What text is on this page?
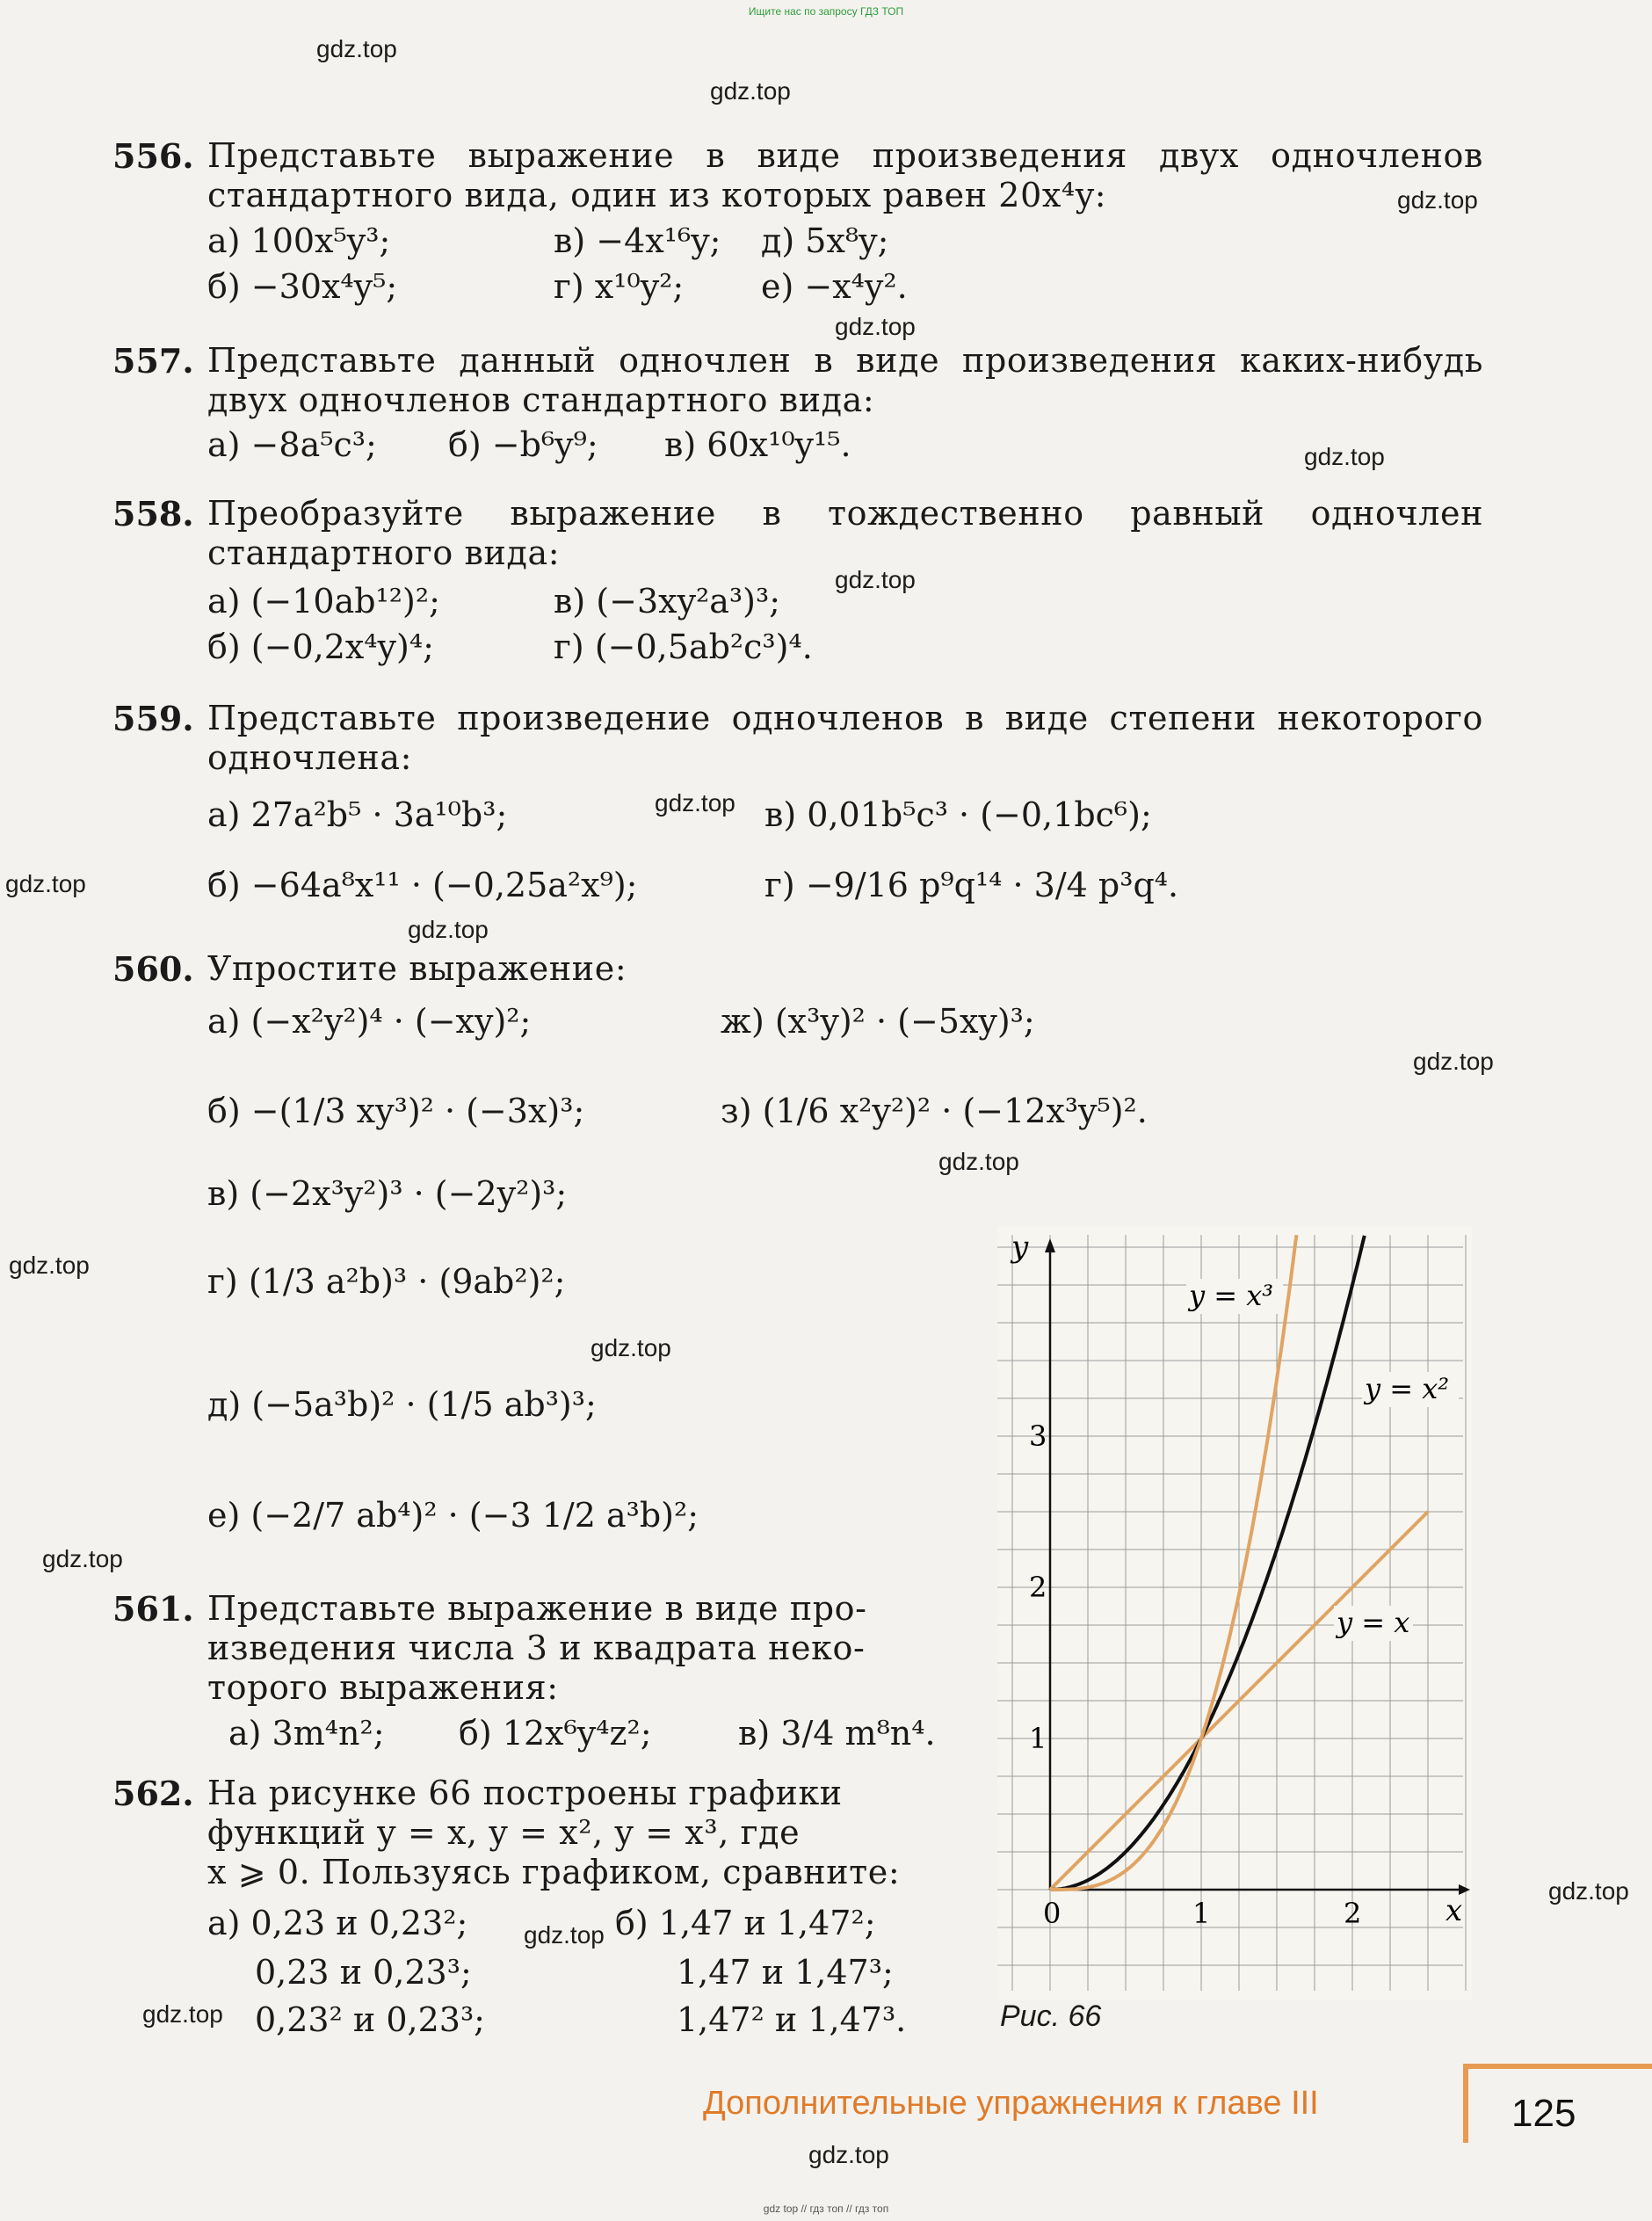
Ищите нас по запросу ГДЗ ТОП
gdz.top
gdz.top
gdz.top
gdz.top
gdz.top
gdz.top
gdz.top
gdz.top
gdz.top
gdz.top
gdz.top
gdz.top
gdz.top
gdz.top
gdz.top
gdz.top
gdz.top
gdz.top
556. Представьте выражение в виде произведения двух одночленов стандартного вида, один из которых равен 20x⁴y:
а) 100x⁵y³;	в) −4x¹⁶y; д) 5x⁸y;
б) −30x⁴y⁵;	г) x¹⁰y²; е) −x⁴y².
557. Представьте данный одночлен в виде произведения каких-нибудь двух одночленов стандартного вида:
а) −8a⁵c³; б) −b⁶y⁹; в) 60x¹⁰y¹⁵.
558. Преобразуйте выражение в тождественно равный одночлен стандартного вида:
а) (−10ab¹²)²;	в) (−3xy²a³)³;
б) (−0,2x⁴y)⁴;	г) (−0,5ab²c³)⁴.
559. Представьте произведение одночленов в виде степени некоторого одночлена:
а) 27a²b⁵ · 3a¹⁰b³;	в) 0,01b⁵c³ · (−0,1bc⁶);
б) −64a⁸x¹¹ · (−0,25a²x⁹);	г) −9/16 p⁹q¹⁴ · 3/4 p³q⁴.
560. Упростите выражение:
а) (−x²y²)⁴ · (−xy)²;	ж) (x³y)² · (−5xy)³;
б) −(1/3 xy³)² · (−3x)³;	з) (1/6 x²y²)² · (−12x³y⁵)².
в) (−2x³y²)³ · (−2y²)³;
г) (1/3 a²b)³ · (9ab²)²;
д) (−5a³b)² · (1/5 ab³)³;
е) (−2/7 ab⁴)² · (−3 1/2 a³b)²;
561. Представьте выражение в виде про-
изведения числа 3 и квадрата неко-
торого выражения:
а) 3m⁴n²; б) 12x⁶y⁴z²;	в) 3/4 m⁸n⁴.
562. На рисунке 66 построены графики
функций y = x, y = x², y = x³, где
x ⩾ 0. Пользуясь графиком, сравните:
а) 0,23 и 0,23²;	б) 1,47 и 1,47²;
0,23 и 0,23³;	1,47 и 1,47³;
0,23² и 0,23³;	1,47² и 1,47³.
x
y
0	1	2
1
2
3
y = x³
y = x²
y = x
Рис. 66
Дополнительные упражнения к главе III	125
gdz top // гдз топ // гдз топ
